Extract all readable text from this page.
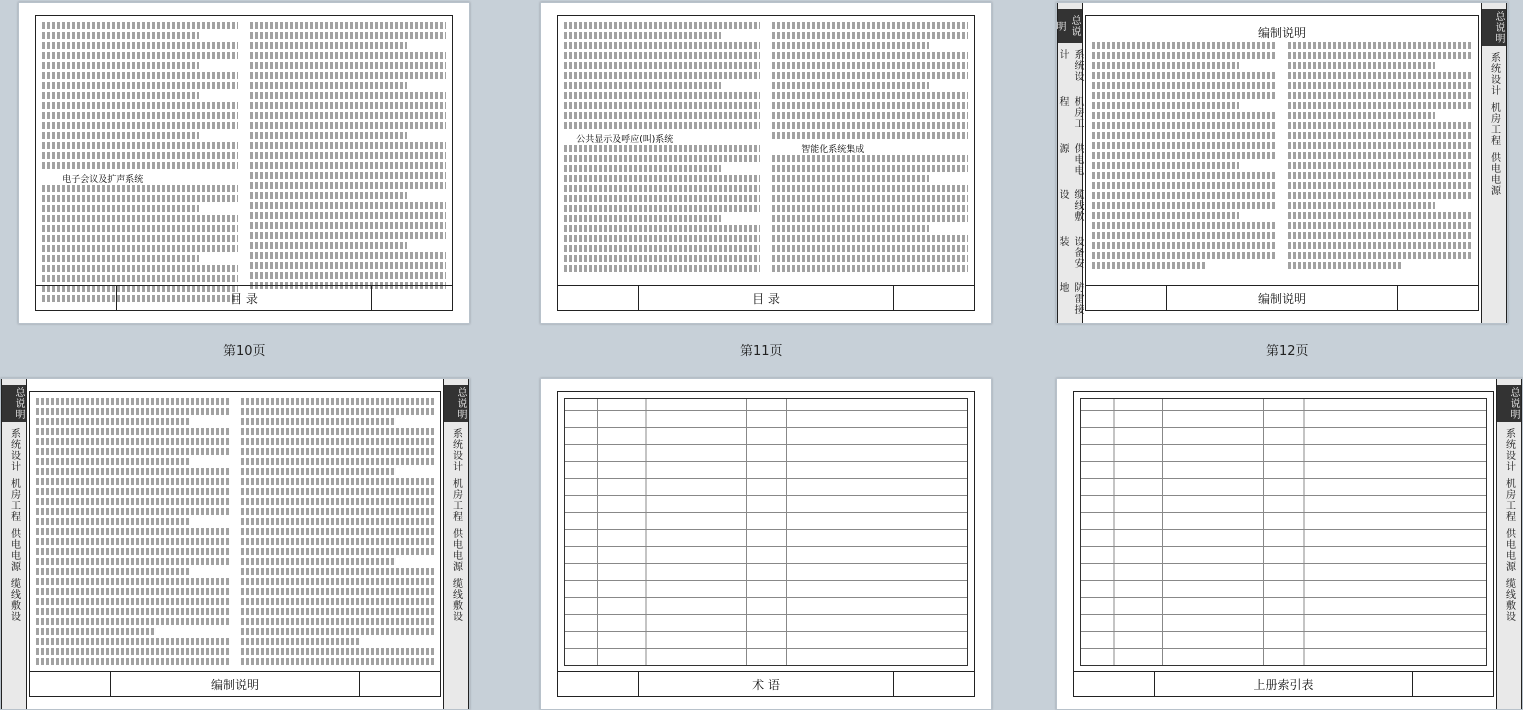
电子会议及扩声系统
目 录
第10页
公共显示及呼应(叫)系统
智能化系统集成
目 录
第11页
总说明
系统设计
机房工程
供电电源
缆线敷设
设备安装
防雷接地
总说明
系统设计
机房工程
供电电源
编制说明
编制说明
第12页
总说明
系统设计
机房工程
供电电源
缆线敷设
总说明
系统设计
机房工程
供电电源
缆线敷设
编制说明	术 语
总说明
系统设计
机房工程
供电电源
缆线敷设
上册索引表
